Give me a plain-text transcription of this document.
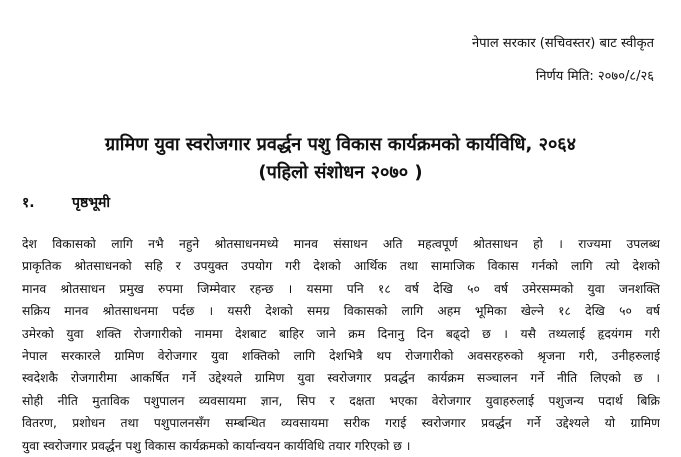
नेपाल सरकार (सचिवस्तर) बाट स्वीकृत
निर्णय मिति: २०७०/८/२६
ग्रामिण युवा स्वरोजगार प्रवर्द्धन पशु विकास कार्यक्रमको कार्यविधि, २०६४
(पहिलो संशोधन २०७० )
१.	पृष्ठभूमी
देश विकासको लागि नभै नहुने श्रोतसाधनमध्ये मानव संसाधन अति महत्वपूर्ण श्रोतसाधन हो । राज्यमा उपलब्ध
प्राकृतिक श्रोतसाधनको सहि र उपयुक्त उपयोग गरी देशको आर्थिक तथा सामाजिक विकास गर्नको लागि त्यो देशको
मानव श्रोतसाधन प्रमुख रुपमा जिम्मेवार रहन्छ । यसमा पनि १८ वर्ष देखि ५० वर्ष उमेरसम्मको युवा जनशक्ति
सक्रिय मानव श्रोतसाधनमा पर्दछ । यसरी देशको समग्र विकासको लागि अहम भूमिका खेल्ने १८ देखि ५० वर्ष
उमेरको युवा शक्ति रोजगारीको नाममा देशबाट बाहिर जाने क्रम दिनानु दिन बढ्दो छ । यसै तथ्यलाई हृदयंगम गरी
नेपाल सरकारले ग्रामिण वेरोजगार युवा शक्तिको लागि देशभित्रै थप रोजगारीको अवसरहरुको श्रृजना गरी, उनीहरुलाई
स्वदेशकै रोजगारीमा आकर्षित गर्ने उद्देश्यले ग्रामिण युवा स्वरोजगार प्रवर्द्धन कार्यक्रम सञ्चालन गर्ने नीति लिएको छ ।
सोही नीति मुताविक पशुपालन व्यवसायमा ज्ञान, सिप र दक्षता भएका वेरोजगार युवाहरुलाई पशुजन्य पदार्थ बिक्रि
वितरण, प्रशोधन तथा पशुपालनसँग सम्बन्धित व्यवसायमा सरीक गराई स्वरोजगार प्रवर्द्धन गर्ने उद्देश्यले यो ग्रामिण
युवा स्वरोजगार प्रवर्द्धन पशु विकास कार्यक्रमको कार्यान्वयन कार्यविधि तयार गरिएको छ ।
